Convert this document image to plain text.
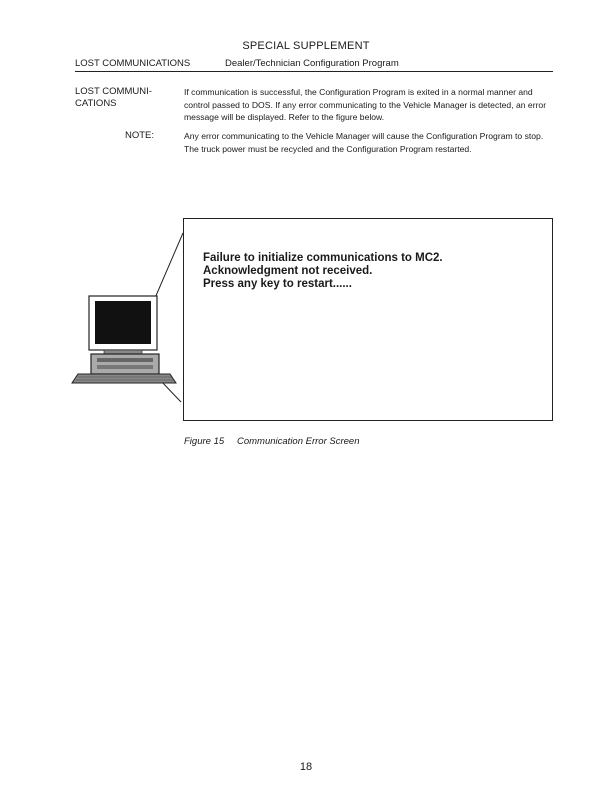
SPECIAL SUPPLEMENT
LOST COMMUNICATIONS	Dealer/Technician Configuration Program
LOST COMMUNI-
CATIONS
If communication is successful, the Configuration Program is exited in a normal manner and control passed to DOS. If any error communicating to the Vehicle Manager is detected, an error message will be displayed. Refer to the figure below.
NOTE:	Any error communicating to the Vehicle Manager will cause the Configuration Program to stop. The truck power must be recycled and the Configuration Program restarted.
Failure to initialize communications to MC2.
Acknowledgment not received.
Press any key to restart......
Figure 15 Communication Error Screen
18
